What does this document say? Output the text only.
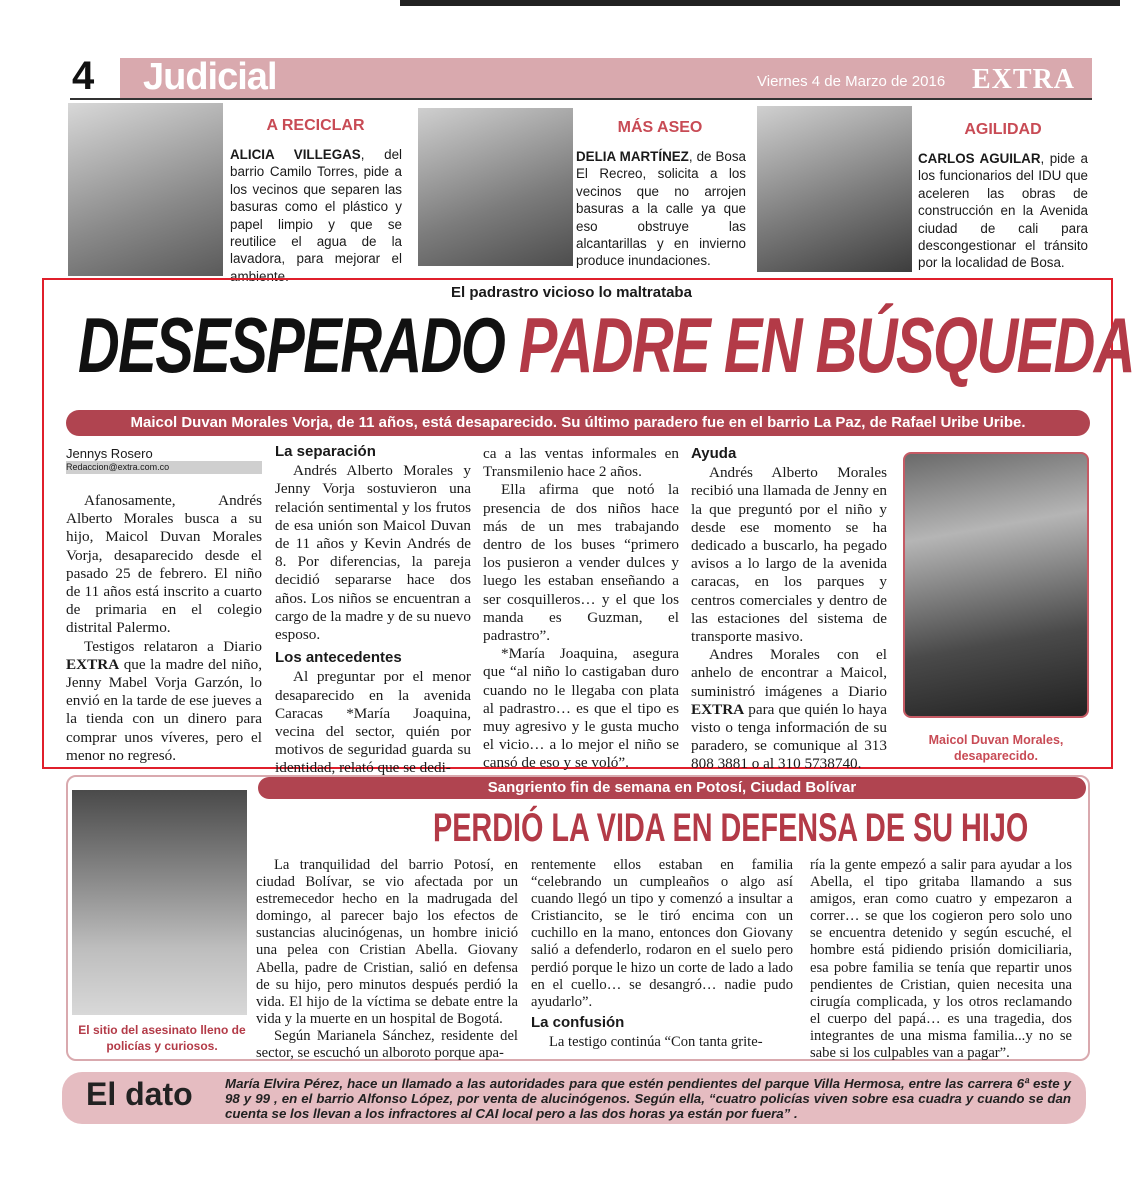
4 Judicial	Viernes 4 de Marzo de 2016 EXTRA
A RECICLAR
ALICIA VILLEGAS, del barrio Camilo Torres, pide a los vecinos que separen las basuras como el plástico y papel limpio y que se reutilice el agua de la lavadora, para mejorar el ambiente.
MÁS ASEO
DELIA MARTÍNEZ, de Bosa El Recreo, solicita a los vecinos que no arrojen basuras a la calle ya que eso obstruye las alcantarillas y en invierno produce inundaciones.
AGILIDAD
CARLOS AGUILAR, pide a los funcionarios del IDU que aceleren las obras de construcción en la Avenida ciudad de cali para descongestionar el tránsito por la localidad de Bosa.
El padrastro vicioso lo maltrataba
DESESPERADO PADRE EN BÚSQUEDA
Maicol Duvan Morales Vorja, de 11 años, está desaparecido. Su último paradero fue en el barrio La Paz, de Rafael Uribe Uribe.
Jennys Rosero
Redaccion@extra.com.co

Afanosamente, Andrés Alberto Morales busca a su hijo, Maicol Duvan Morales Vorja, desaparecido desde el pasado 25 de febrero. El niño de 11 años está inscrito a cuarto de primaria en el colegio distrital Palermo.

Testigos relataron a Diario EXTRA que la madre del niño, Jenny Mabel Vorja Garzón, lo envió en la tarde de ese jueves a la tienda con un dinero para comprar unos víveres, pero el menor no regresó.

La separación

Andrés Alberto Morales y Jenny Vorja sostuvieron una relación sentimental y los frutos de esa unión son Maicol Duvan de 11 años y Kevin Andrés de 8. Por diferencias, la pareja decidió separarse hace dos años. Los niños se encuentran a cargo de la madre y de su nuevo esposo.

Los antecedentes

Al preguntar por el menor desaparecido en la avenida Caracas *María Joaquina, vecina del sector, quién por motivos de seguridad guarda su identidad, relató que se dedi-

ca a las ventas informales en Transmilenio hace 2 años.

Ella afirma que notó la presencia de dos niños hace más de un mes trabajando dentro de los buses “primero los pusieron a vender dulces y luego les estaban enseñando a ser cosquilleros… y el que los manda es Guzman, el padrastro”.

*María Joaquina, asegura que “al niño lo castigaban duro cuando no le llegaba con plata al padrastro… es que el tipo es muy agresivo y le gusta mucho el vicio… a lo mejor el niño se cansó de eso y se voló”.

Ayuda

Andrés Alberto Morales recibió una llamada de Jenny en la que preguntó por el niño y desde ese momento se ha dedicado a buscarlo, ha pegado avisos a lo largo de la avenida caracas, en los parques y centros comerciales y dentro de las estaciones del sistema de transporte masivo.

Andres Morales con el anhelo de encontrar a Maicol, suministró imágenes a Diario EXTRA para que quién lo haya visto o tenga información de su paradero, se comunique al 313 808 3881 o al 310 5738740.

Maicol Duvan Morales,
desaparecido.
Sangriento fin de semana en Potosí, Ciudad Bolívar
PERDIÓ LA VIDA EN DEFENSA DE SU HIJO
El sitio del asesinato lleno de policías y curiosos.

La tranquilidad del barrio Potosí, en ciudad Bolívar, se vio afectada por un estremecedor hecho en la madrugada del domingo, al parecer bajo los efectos de sustancias alucinógenas, un hombre inició una pelea con Cristian Abella. Giovany Abella, padre de Cristian, salió en defensa de su hijo, pero minutos después perdió la vida. El hijo de la víctima se debate entre la vida y la muerte en un hospital de Bogotá.

Según Marianela Sánchez, residente del sector, se escuchó un alboroto porque apa-

rentemente ellos estaban en familia “celebrando un cumpleaños o algo así cuando llegó un tipo y comenzó a insultar a Cristiancito, se le tiró encima con un cuchillo en la mano, entonces don Giovany salió a defenderlo, rodaron en el suelo pero perdió porque le hizo un corte de lado a lado en el cuello… se desangró… nadie pudo ayudarlo”.

La confusión

La testigo continúa “Con tanta grite-

ría la gente empezó a salir para ayudar a los Abella, el tipo gritaba llamando a sus amigos, eran como cuatro y empezaron a correr… se que los cogieron pero solo uno se encuentra detenido y según escuché, el hombre está pidiendo prisión domiciliaria, esa pobre familia se tenía que repartir unos pendientes de Cristian, quien necesita una cirugía complicada, y los otros reclamando el cuerpo del papá… es una tragedia, dos integrantes de una misma familia...y no se sabe si los culpables van a pagar”.

El dato María Elvira Pérez, hace un llamado a las autoridades para que estén pendientes del parque Villa Hermosa, entre las carrera 6ª este y 98 y 99 , en el barrio Alfonso López, por venta de alucinógenos. Según ella, “cuatro policías viven sobre esa cuadra y cuando se dan cuenta se los llevan a los infractores al CAI local pero a las dos horas ya están por fuera” .
